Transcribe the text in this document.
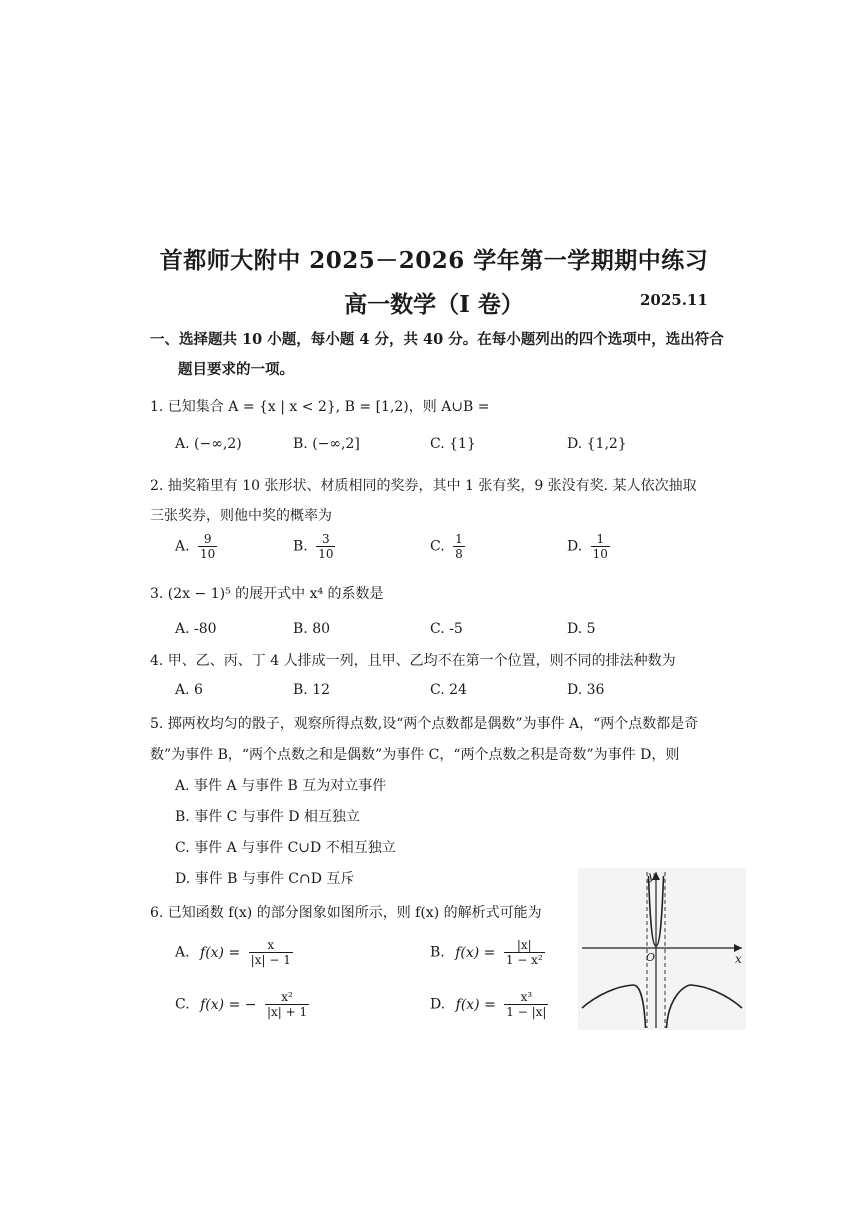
首都师大附中 2025－2026 学年第一学期期中练习
高一数学（I 卷）	2025.11
一、选择题共 10 小题，每小题 4 分，共 40 分。在每小题列出的四个选项中，选出符合
题目要求的一项。
1. 已知集合 A = {x | x < 2}, B = [1,2)，则 A∪B =
A. (−∞,2)	B. (−∞,2]	C. {1}	D. {1,2}
2. 抽奖箱里有 10 张形状、材质相同的奖券，其中 1 张有奖，9 张没有奖. 某人依次抽取
三张奖券，则他中奖的概率为
A. $\frac{9}{10}$	B. $\frac{3}{10}$	C. $\frac{1}{8}$	D. $\frac{1}{10}$
3. (2x − 1)⁵ 的展开式中 x⁴ 的系数是
A. -80	B. 80	C. -5	D. 5
4. 甲、乙、丙、丁 4 人排成一列，且甲、乙均不在第一个位置，则不同的排法种数为
A. 6	B. 12	C. 24	D. 36
5. 掷两枚均匀的骰子，观察所得点数,设“两个点数都是偶数”为事件 A，“两个点数都是奇
数”为事件 B，“两个点数之和是偶数”为事件 C，“两个点数之积是奇数”为事件 D，则
A. 事件 A 与事件 B 互为对立事件
B. 事件 C 与事件 D 相互独立
C. 事件 A 与事件 C∪D 不相互独立
D. 事件 B 与事件 C∩D 互斥
6. 已知函数 f(x) 的部分图象如图所示，则 f(x) 的解析式可能为
A. $f(x) = \frac{x}{|x| - 1}$	B. $f(x) = \frac{|x|}{\text{1 − x²}}$
C. f(x) = − $\frac{\text{x²}}{|x| + 1}$	D. $f(x) = \frac{\text{x³}}{1 - |x|}$
y
x
O
